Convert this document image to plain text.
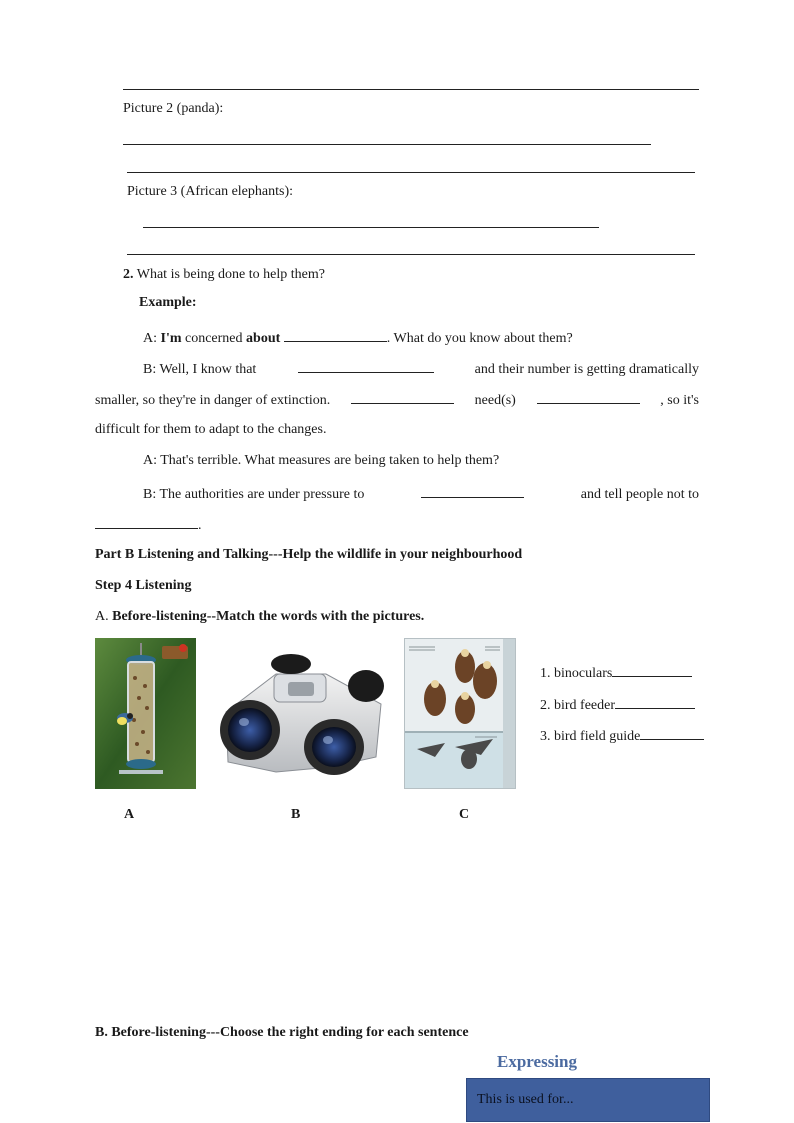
Picture 2 (panda):
Picture 3 (African elephants):
2. What is being done to help them?
Example:
A: I'm concerned about	. What do you know about them?
B: Well, I know that	and their number is getting dramatically
smaller, so they're in danger of extinction.	need(s)	, so it's
difficult for them to adapt to the changes.
A: That's terrible. What measures are being taken to help them?
B: The authorities are under pressure to	and tell people not to
.
Part B Listening and Talking---Help the wildlife in your neighbourhood
Step 4 Listening
A. Before-listening--Match the words with the pictures.
1. binoculars
2. bird feeder
3. bird field guide
A	B	C
B. Before-listening---Choose the right ending for each sentence
Expressing
This is used for...
